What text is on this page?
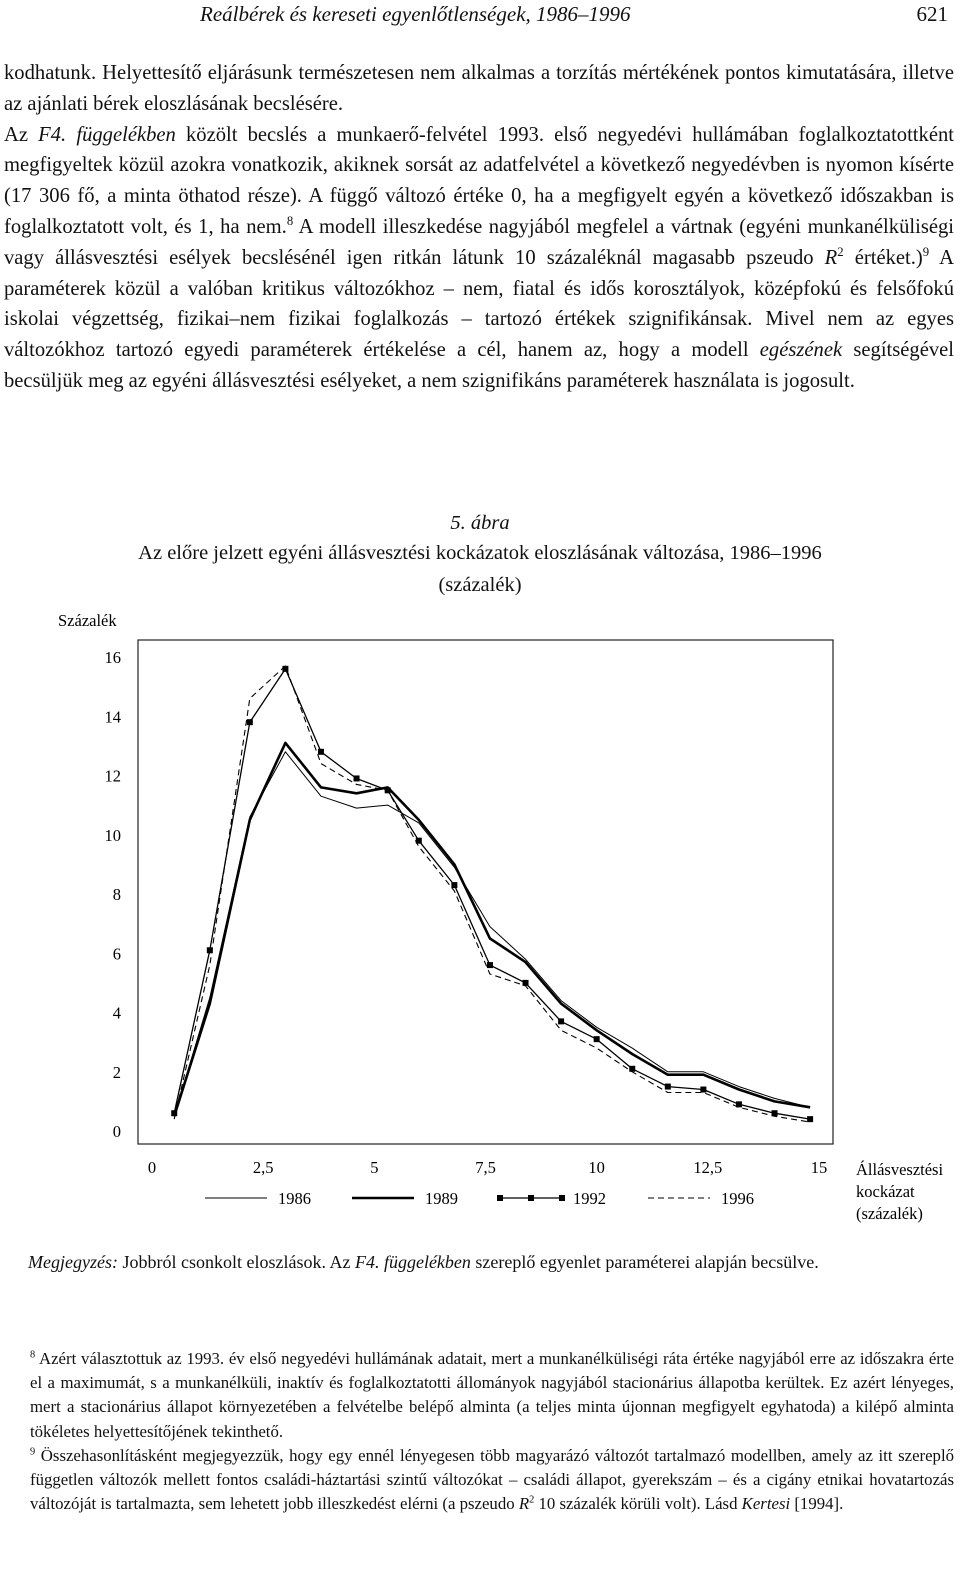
Reálbérek és kereseti egyenlőtlenségek, 1986–1996	621

kodhatunk. Helyettesítő eljárásunk természetesen nem alkalmas a torzítás mértékének pontos kimutatására, illetve az ajánlati bérek eloszlásának becslésére.

Az F4. függelékben közölt becslés a munkaerő-felvétel 1993. első negyedévi hullámában foglalkoztatottként megfigyeltek közül azokra vonatkozik, akiknek sorsát az adatfelvétel a következő negyedévben is nyomon kísérte (17 306 fő, a minta öthatod része). A függő változó értéke 0, ha a megfigyelt egyén a következő időszakban is foglalkoztatott volt, és 1, ha nem.$^8$ A modell illeszkedése nagyjából megfelel a vártnak (egyéni munkanélküliségi vagy állásvesztési esélyek becslésénél igen ritkán látunk 10 százaléknál magasabb pszeudo $R^2$ értéket.)$^9$ A paraméterek közül a valóban kritikus változókhoz – nem, fiatal és idős korosztályok, középfokú és felsőfokú iskolai végzettség, fizikai–nem fizikai foglalkozás – tartozó értékek szignifikánsak. Mivel nem az egyes változókhoz tartozó egyedi paraméterek értékelése a cél, hanem az, hogy a modell egészének segítségével becsüljük meg az egyéni állásvesztési esélyeket, a nem szignifikáns paraméterek használata is jogosult.

5. ábra
Az előre jelzett egyéni állásvesztési kockázatok eloszlásának változása, 1986–1996
(százalék)
Százalék
0
2
4
6
8
10
12
14
16
0	2,5	5	7,5	10	12,5	15 Állásvesztési
kockázat
(százalék)
1986	1989	1992	1996
Megjegyzés: Jobbról csonkolt eloszlások. Az F4. függelékben szereplő egyenlet paraméterei alapján becsülve.

$^8$ Azért választottuk az 1993. év első negyedévi hullámának adatait, mert a munkanélküliségi ráta értéke nagyjából erre az időszakra érte el a maximumát, s a munkanélküli, inaktív és foglalkoztatotti állományok nagyjából stacionárius állapotba kerültek. Ez azért lényeges, mert a stacionárius állapot környezetében a felvételbe belépő alminta (a teljes minta újonnan megfigyelt egyhatoda) a kilépő alminta tökéletes helyettesítőjének tekinthető.

$^9$ Összehasonlításként megjegyezzük, hogy egy ennél lényegesen több magyarázó változót tartalmazó modellben, amely az itt szereplő független változók mellett fontos családi-háztartási szintű változókat – családi állapot, gyerekszám – és a cigány etnikai hovatartozás változóját is tartalmazta, sem lehetett jobb illeszkedést elérni (a pszeudo $R^2$ 10 százalék körüli volt). Lásd Kertesi [1994].
